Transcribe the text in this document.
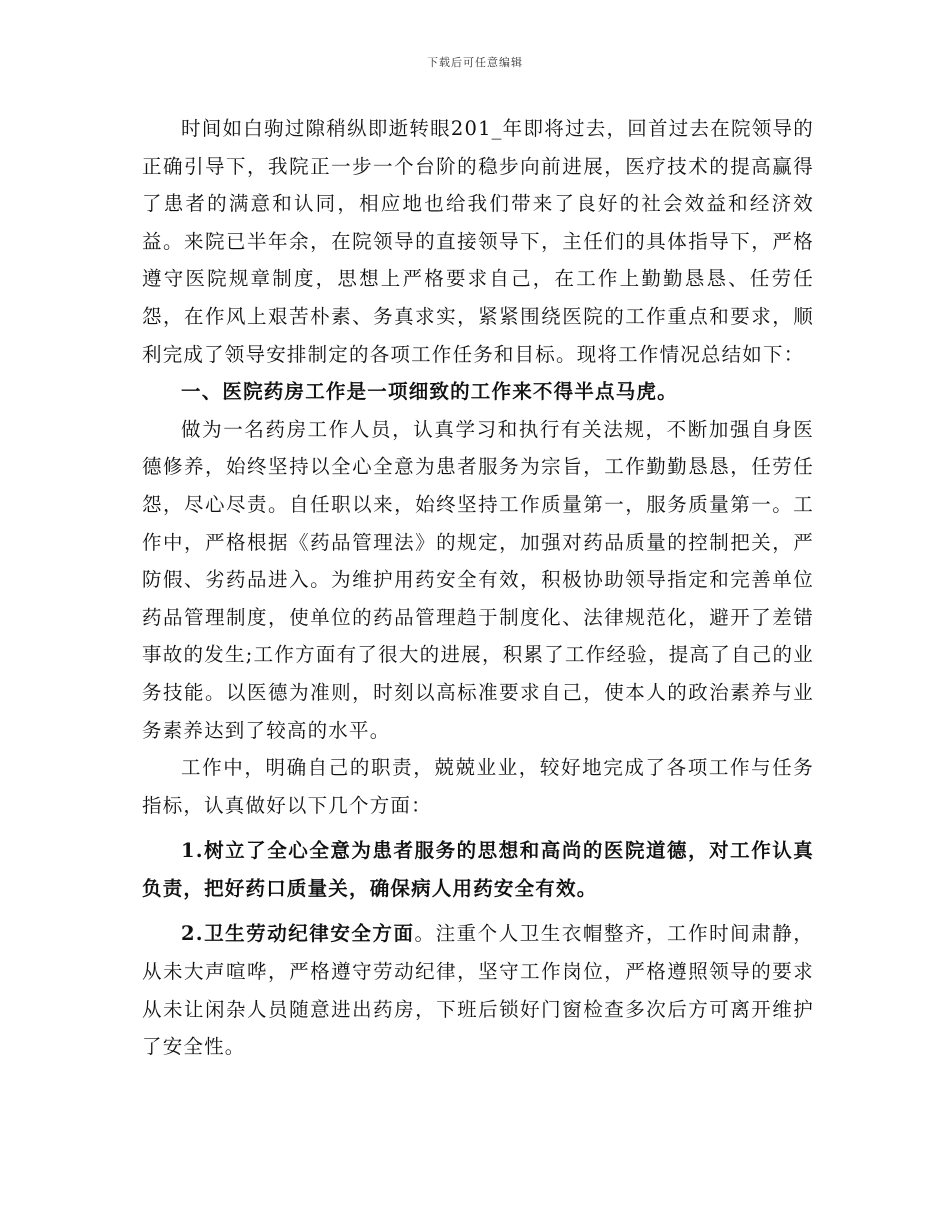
下载后可任意编辑

时间如白驹过隙稍纵即逝转眼201_年即将过去，回首过去在院领导的正确引导下，我院正一步一个台阶的稳步向前进展，医疗技术的提高赢得了患者的满意和认同，相应地也给我们带来了良好的社会效益和经济效益。来院已半年余，在院领导的直接领导下，主任们的具体指导下，严格遵守医院规章制度，思想上严格要求自己，在工作上勤勤恳恳、任劳任怨，在作风上艰苦朴素、务真求实，紧紧围绕医院的工作重点和要求，顺利完成了领导安排制定的各项工作任务和目标。现将工作情况总结如下：

一、医院药房工作是一项细致的工作来不得半点马虎。

做为一名药房工作人员，认真学习和执行有关法规，不断加强自身医德修养，始终坚持以全心全意为患者服务为宗旨，工作勤勤恳恳，任劳任怨，尽心尽责。自任职以来，始终坚持工作质量第一，服务质量第一。工作中，严格根据《药品管理法》的规定，加强对药品质量的控制把关，严防假、劣药品进入。为维护用药安全有效，积极协助领导指定和完善单位药品管理制度，使单位的药品管理趋于制度化、法律规范化，避开了差错事故的发生;工作方面有了很大的进展，积累了工作经验，提高了自己的业务技能。以医德为准则，时刻以高标准要求自己，使本人的政治素养与业务素养达到了较高的水平。

工作中，明确自己的职责，兢兢业业，较好地完成了各项工作与任务指标，认真做好以下几个方面：

1.树立了全心全意为患者服务的思想和高尚的医院道德，对工作认真负责，把好药口质量关，确保病人用药安全有效。

2.卫生劳动纪律安全方面。注重个人卫生衣帽整齐，工作时间肃静，从未大声喧哗，严格遵守劳动纪律，坚守工作岗位，严格遵照领导的要求从未让闲杂人员随意进出药房，下班后锁好门窗检查多次后方可离开维护了安全性。
